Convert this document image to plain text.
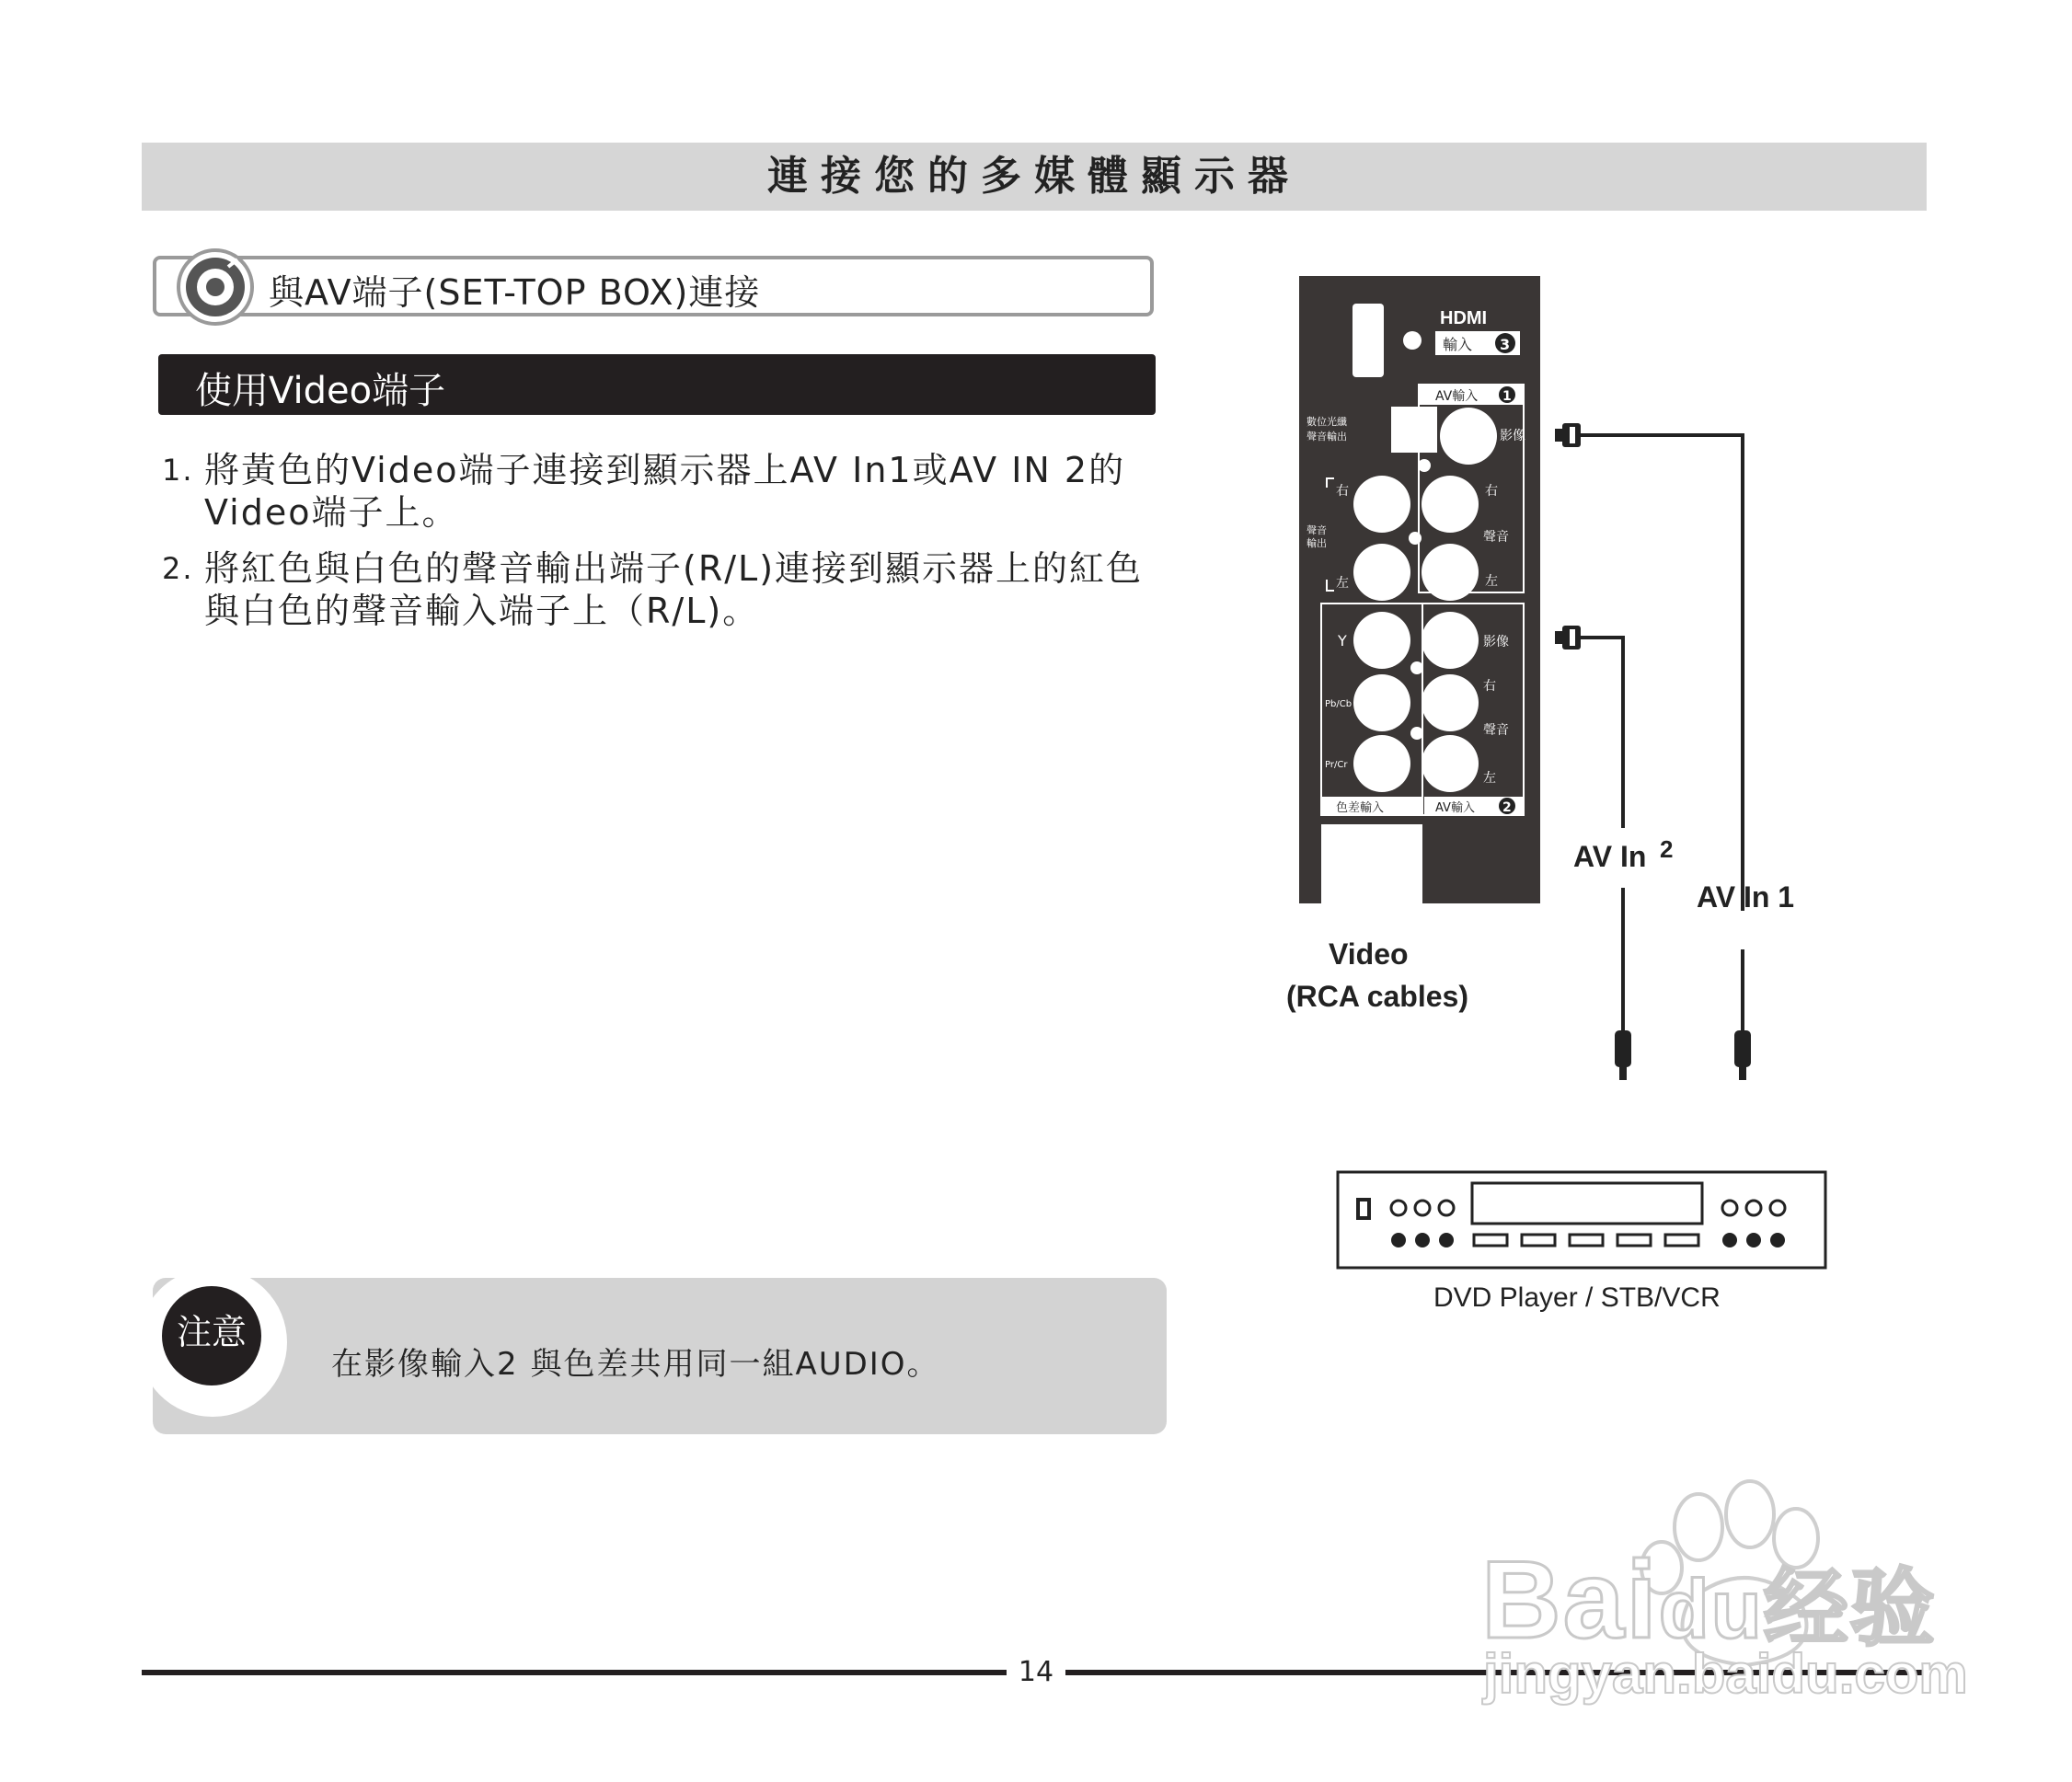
連接您的多媒體顯示器
與AV端子(SET-TOP BOX)連接
使用Video端子
1. 將黃色的Video端子連接到顯示器上AV In1或AV IN 2的Video端子上。
2. 將紅色與白色的聲音輸出端子(R/L)連接到顯示器上的紅色與白色的聲音輸入端子上（R/L)。
注意
在影像輸入2 與色差共用同一組AUDIO。
HDMI
輸入 3
數位光纖
聲音輸出
AV輸入 1
影像
右
聲音
左
右
聲音
輸出
左
色差輸入	AV輸入 2
Y
Pb/Cb
Pr/Cr
影像
右
聲音
左
AV In 2
AV In 1
Video
(RCA cables)
DVD Player / STB/VCR
14
Baidu经验
jingyan.baidu.com
